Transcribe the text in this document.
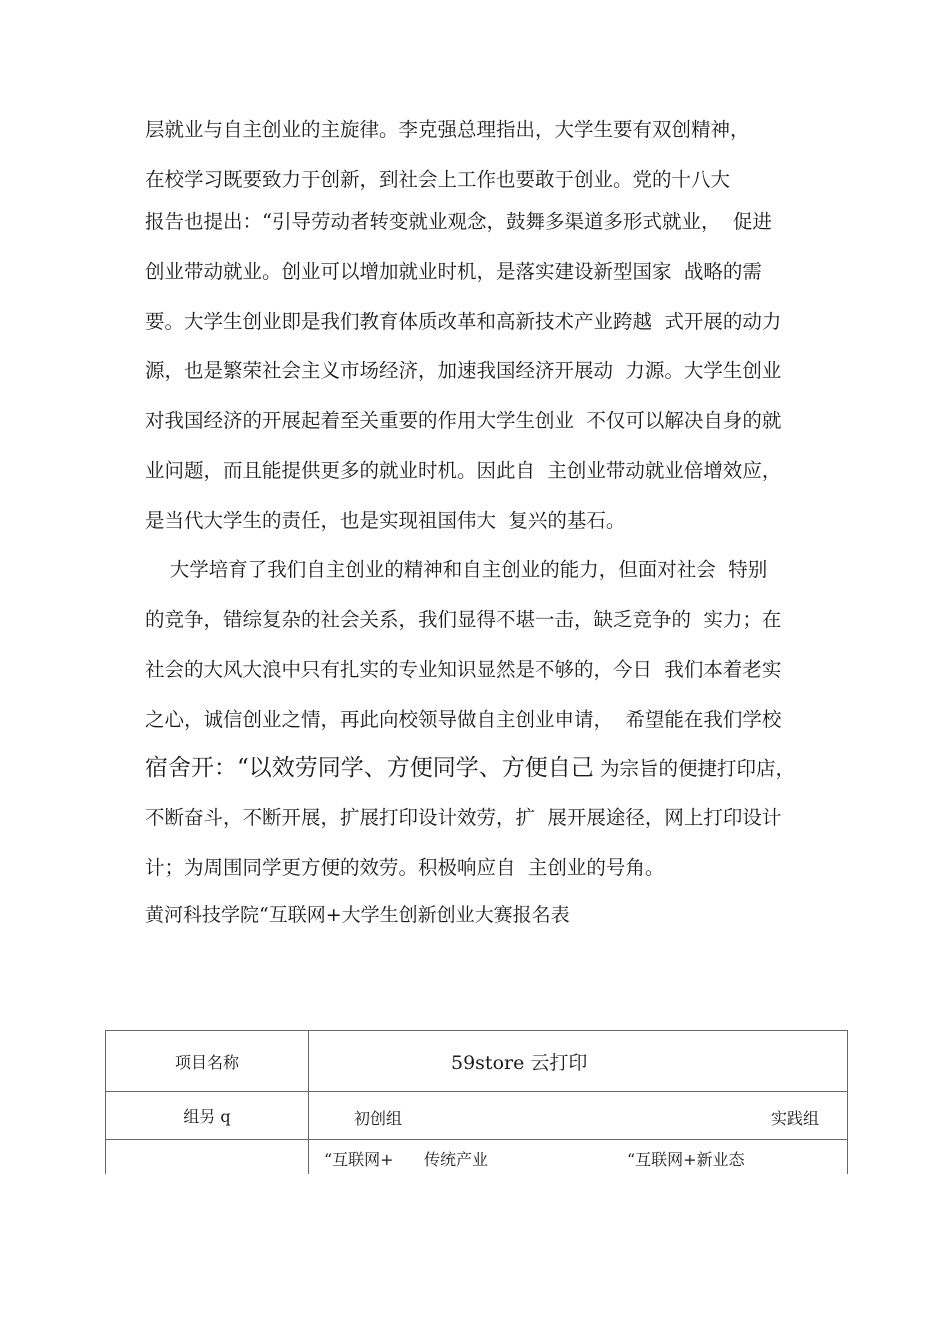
层就业与自主创业的主旋律。李克强总理指出，大学生要有双创精神，
在校学习既要致力于创新，到社会上工作也要敢于创业。党的十八大
报告也提出：“引导劳动者转变就业观念，鼓舞多渠道多形式就业，  促进
创业带动就业。创业可以增加就业时机，是落实建设新型国家  战略的需
要。大学生创业即是我们教育体质改革和高新技术产业跨越  式开展的动力
源，也是繁荣社会主义市场经济，加速我国经济开展动  力源。大学生创业
对我国经济的开展起着至关重要的作用大学生创业  不仅可以解决自身的就
业问题，而且能提供更多的就业时机。因此自  主创业带动就业倍增效应，
是当代大学生的责任，也是实现祖国伟大  复兴的基石。
大学培育了我们自主创业的精神和自主创业的能力，但面对社会  特别
的竞争，错综复杂的社会关系，我们显得不堪一击，缺乏竞争的  实力；在
社会的大风大浪中只有扎实的专业知识显然是不够的，今日  我们本着老实
之心，诚信创业之情，再此向校领导做自主创业申请，  希望能在我们学校
宿舍开：“以效劳同学、方便同学、方便自己 为宗旨的便捷打印店，
不断奋斗，不断开展，扩展打印设计效劳，扩  展开展途径，网上打印设计
计；为周围同学更方便的效劳。积极响应自  主创业的号角。
黄河科技学院“互联网+大学生创新创业大赛报名表
项目名称	59store 云打印
组另 q	初创组 实践组

	“互联网+ 传统产业 “互联网+新业态
